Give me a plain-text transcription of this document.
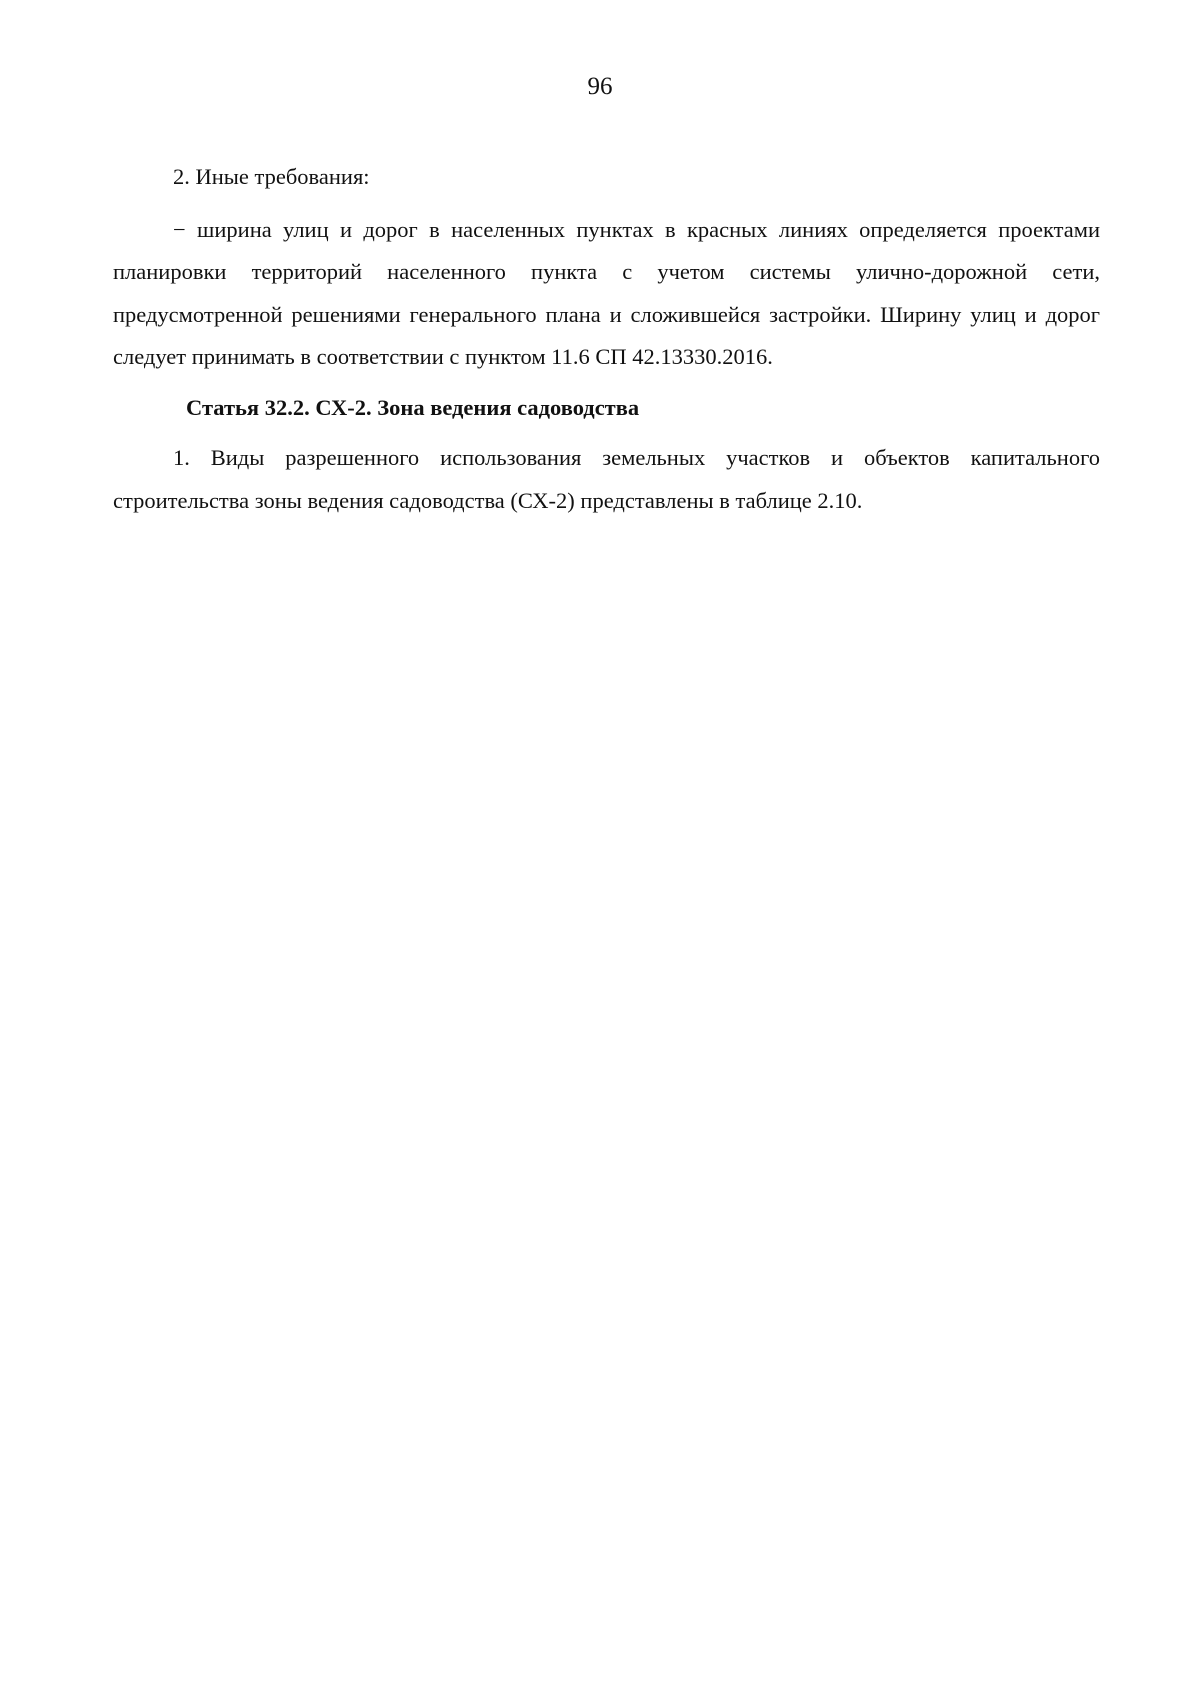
96

2. Иные требования:

− ширина улиц и дорог в населенных пунктах в красных линиях определяется проектами планировки территорий населенного пункта с учетом системы улично-дорожной сети, предусмотренной решениями генерального плана и сложившейся застройки. Ширину улиц и дорог следует принимать в соответствии с пунктом 11.6 СП 42.13330.2016.

Статья 32.2. СХ-2. Зона ведения садоводства

1. Виды разрешенного использования земельных участков и объектов капитального строительства зоны ведения садоводства (СХ-2) представлены в таблице 2.10.
